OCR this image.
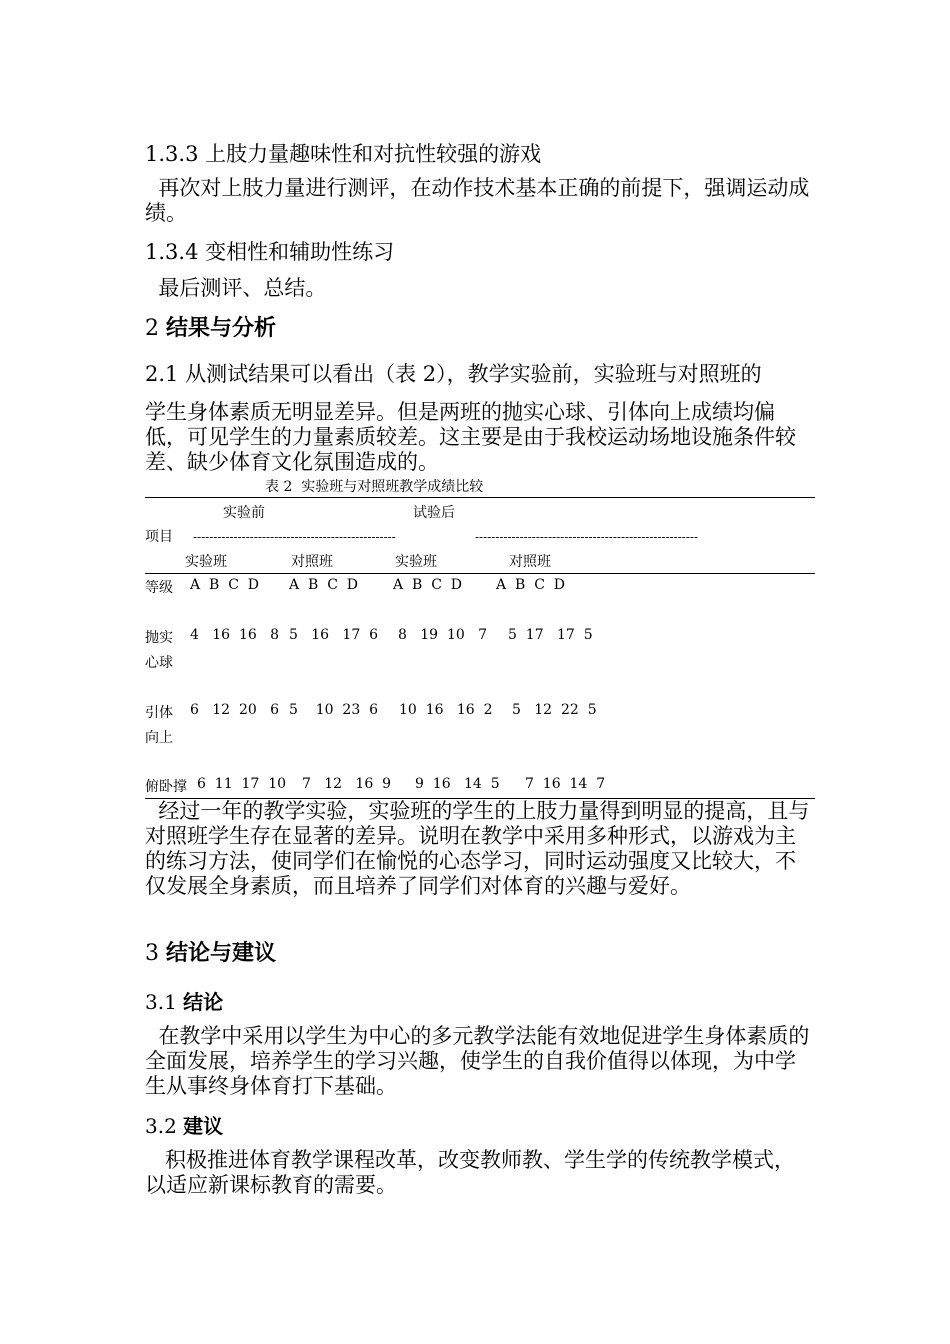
1.3.3 上肢力量趣味性和对抗性较强的游戏
再次对上肢力量进行测评，在动作技术基本正确的前提下，强调运动成绩。
1.3.4 变相性和辅助性练习
最后测评、总结。
2 结果与分析
2.1 从测试结果可以看出（表 2），教学实验前，实验班与对照班的
学生身体素质无明显差异。但是两班的抛实心球、引体向上成绩均偏低，可见学生的力量素质较差。这主要是由于我校运动场地设施条件较差、缺少体育文化氛围造成的。
表 2  实验班与对照班教学成绩比较
实验前	试验后
项目 --------------------------------------------------	-------------------------------------------------------
实验班	对照班	实验班	对照班
等级 A  B  C  D A  B  C  D A  B  C  D A  B  C  D
抛实
心球
4   16  16   8 5   16   17  6 8   19  10   7 5  17   17  5
引体
向上
6   12  20   6 5    10  23  6 10  16   16  2 5   12  22  5
俯卧撑 6  11  17  10 7   12   16  9 9  16   14  5 7  16  14  7
经过一年的教学实验，实验班的学生的上肢力量得到明显的提高，且与对照班学生存在显著的差异。说明在教学中采用多种形式，以游戏为主的练习方法，使同学们在愉悦的心态学习，同时运动强度又比较大，不仅发展全身素质，而且培养了同学们对体育的兴趣与爱好。
3 结论与建议
3.1 结论
在教学中采用以学生为中心的多元教学法能有效地促进学生身体素质的全面发展，培养学生的学习兴趣，使学生的自我价值得以体现，为中学生从事终身体育打下基础。
3.2 建议
积极推进体育教学课程改革，改变教师教、学生学的传统教学模式，以适应新课标教育的需要。
